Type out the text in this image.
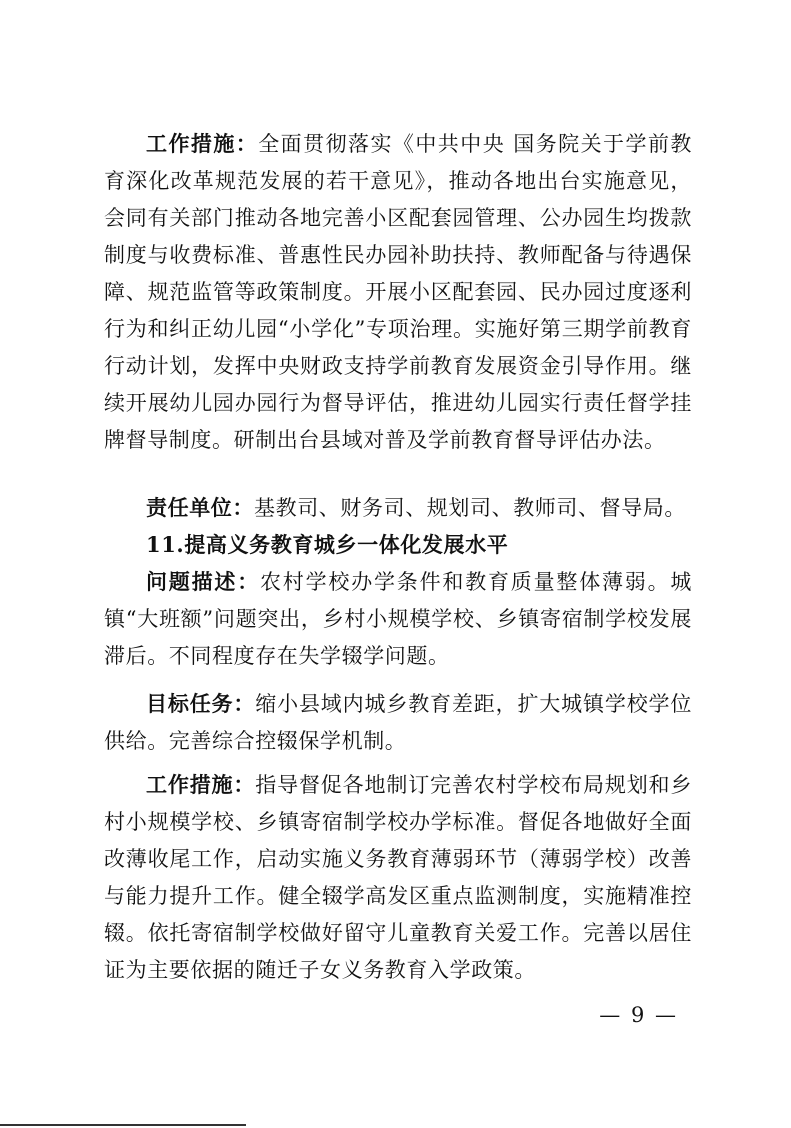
工作措施：全面贯彻落实《中共中央 国务院关于学前教育深化改革规范发展的若干意见》，推动各地出台实施意见，会同有关部门推动各地完善小区配套园管理、公办园生均拨款制度与收费标准、普惠性民办园补助扶持、教师配备与待遇保障、规范监管等政策制度。开展小区配套园、民办园过度逐利行为和纠正幼儿园“小学化”专项治理。实施好第三期学前教育行动计划，发挥中央财政支持学前教育发展资金引导作用。继续开展幼儿园办园行为督导评估，推进幼儿园实行责任督学挂牌督导制度。研制出台县域对普及学前教育督导评估办法。

责任单位：基教司、财务司、规划司、教师司、督导局。

11.提高义务教育城乡一体化发展水平

问题描述：农村学校办学条件和教育质量整体薄弱。城镇“大班额”问题突出，乡村小规模学校、乡镇寄宿制学校发展滞后。不同程度存在失学辍学问题。

目标任务：缩小县域内城乡教育差距，扩大城镇学校学位供给。完善综合控辍保学机制。

工作措施：指导督促各地制订完善农村学校布局规划和乡村小规模学校、乡镇寄宿制学校办学标准。督促各地做好全面改薄收尾工作，启动实施义务教育薄弱环节（薄弱学校）改善与能力提升工作。健全辍学高发区重点监测制度，实施精准控辍。依托寄宿制学校做好留守儿童教育关爱工作。完善以居住证为主要依据的随迁子女义务教育入学政策。

— 9 —
